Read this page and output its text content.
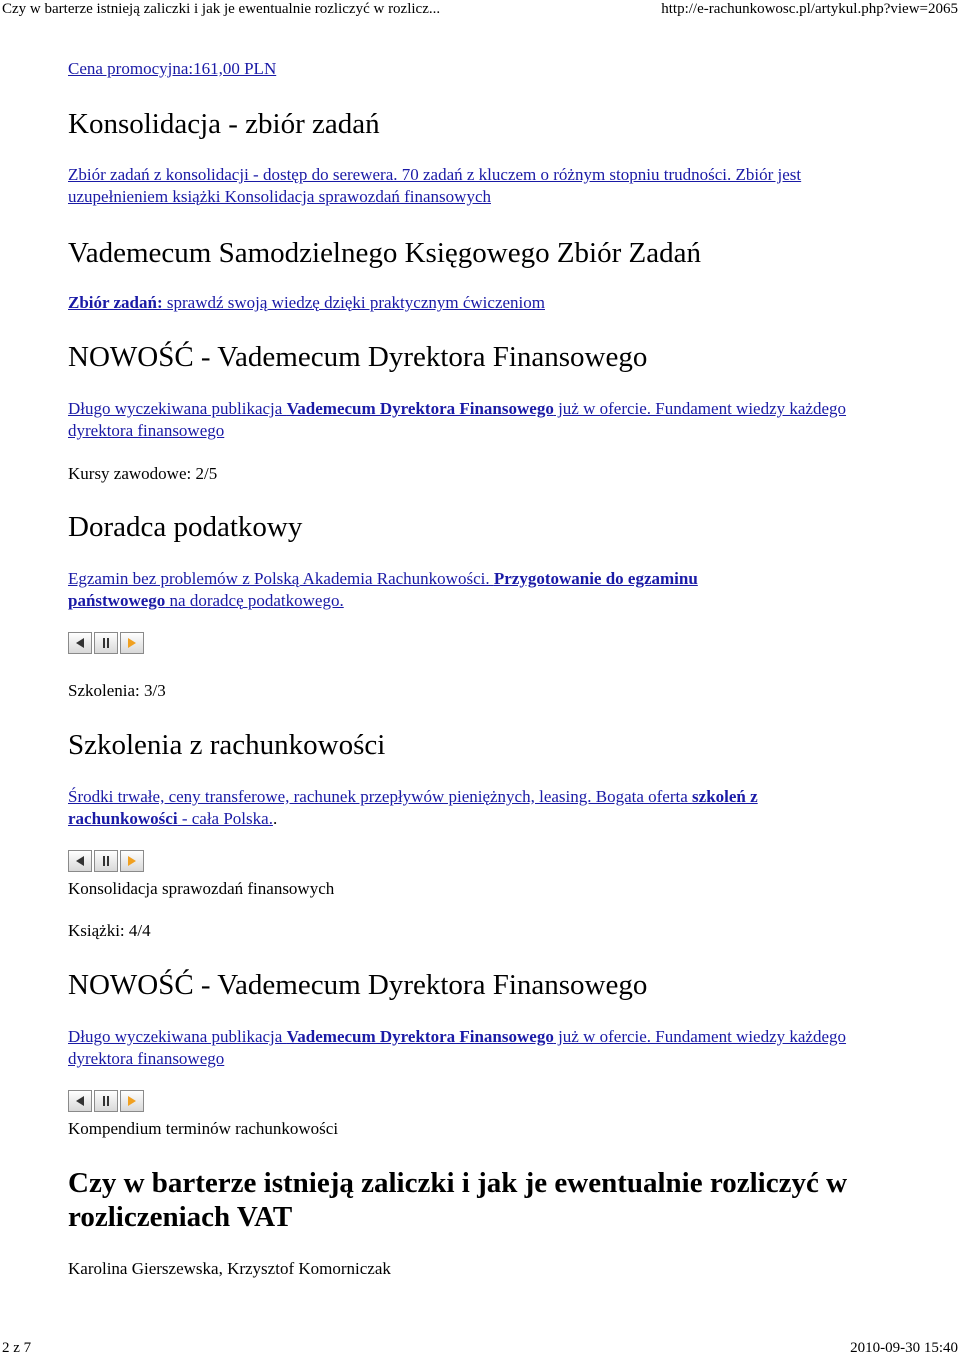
Czy w barterze istnieją zaliczki i jak je ewentualnie rozliczyć w rozlicz...	http://e-rachunkowosc.pl/artykul.php?view=2065
Cena promocyjna:161,00 PLN
Konsolidacja - zbiór zadań
Zbiór zadań z konsolidacji - dostęp do serewera. 70 zadań z kluczem o różnym stopniu trudności. Zbiór jest uzupełnieniem książki Konsolidacja sprawozdań finansowych
Vademecum Samodzielnego Księgowego Zbiór Zadań
Zbiór zadań: sprawdź swoją wiedzę dzięki praktycznym ćwiczeniom
NOWOŚĆ - Vademecum Dyrektora Finansowego
Długo wyczekiwana publikacja Vademecum Dyrektora Finansowego już w ofercie. Fundament wiedzy każdego dyrektora finansowego
Kursy zawodowe: 2/5
Doradca podatkowy
Egzamin bez problemów z Polską Akademia Rachunkowości. Przygotowanie do egzaminu państwowego na doradcę podatkowego.
Szkolenia: 3/3
Szkolenia z rachunkowości
Środki trwałe, ceny transferowe, rachunek przepływów pieniężnych, leasing. Bogata oferta szkoleń z rachunkowości - cała Polska..
Konsolidacja sprawozdań finansowych
Książki: 4/4
NOWOŚĆ - Vademecum Dyrektora Finansowego
Długo wyczekiwana publikacja Vademecum Dyrektora Finansowego już w ofercie. Fundament wiedzy każdego dyrektora finansowego
Kompendium terminów rachunkowości
Czy w barterze istnieją zaliczki i jak je ewentualnie rozliczyć w rozliczeniach VAT
Karolina Gierszewska, Krzysztof Komorniczak
2 z 7	2010-09-30 15:40
